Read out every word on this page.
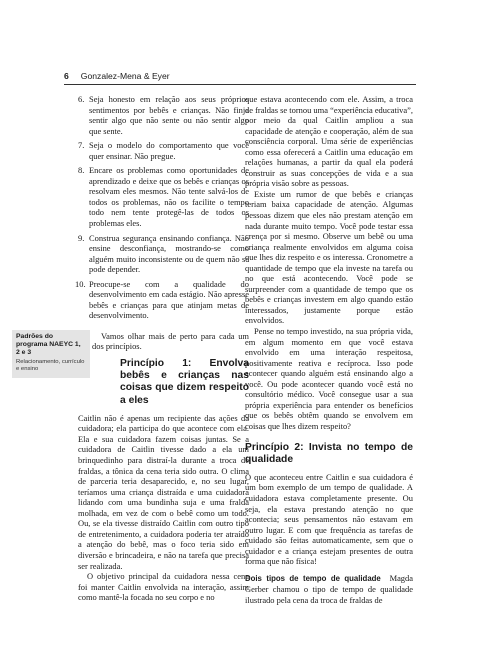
6 Gonzalez-Mena & Eyer
6. Seja honesto em relação aos seus próprios sentimentos por bebês e crianças. Não finja sentir algo que não sente ou não sentir algo que sente.
7. Seja o modelo do comportamento que você quer ensinar. Não pregue.
8. Encare os problemas como oportunidades de aprendizado e deixe que os bebês e crianças os resolvam eles mesmos. Não tente salvá-los de todos os problemas, não os facilite o tempo todo nem tente protegê-las de todos os problemas eles.
9. Construa segurança ensinando confiança. Não ensine desconfiança, mostrando-se como alguém muito inconsistente ou de quem não se pode depender.
10. Preocupe-se com a qualidade do desenvolvimento em cada estágio. Não apresse bebês e crianças para que atinjam metas de desenvolvimento.

Vamos olhar mais de perto para cada um dos princípios.

Princípio 1: Envolva bebês e crianças nas coisas que dizem respeito a eles

Caitlin não é apenas um recipiente das ações da cuidadora; ela participa do que acontece com ela. Ela e sua cuidadora fazem coisas juntas. Se a cuidadora de Caitlin tivesse dado a ela um brinquedinho para distraí-la durante a troca de fraldas, a tônica da cena teria sido outra. O clima de parceria teria desaparecido, e, no seu lugar, teríamos uma criança distraída e uma cuidadora lidando com uma bundinha suja e uma fralda molhada, em vez de com o bebê como um todo. Ou, se ela tivesse distraído Caitlin com outro tipo de entretenimento, a cuidadora poderia ter atraído a atenção do bebê, mas o foco teria sido em diversão e brincadeira, e não na tarefa que precisa ser realizada.

O objetivo principal da cuidadora nessa cena foi manter Caitlin envolvida na interação, assim como mantê-la focada no seu corpo e no

Padrões do programa NAEYC 1, 2 e 3
Relacionamento, currículo e ensino

que estava acontecendo com ele. Assim, a troca de fraldas se tornou uma “experiência educativa”, por meio da qual Caitlin ampliou a sua capacidade de atenção e cooperação, além de sua consciência corporal. Uma série de experiências como essa oferecerá a Caitlin uma educação em relações humanas, a partir da qual ela poderá construir as suas concepções de vida e a sua própria visão sobre as pessoas.

Existe um rumor de que bebês e crianças teriam baixa capacidade de atenção. Algumas pessoas dizem que eles não prestam atenção em nada durante muito tempo. Você pode testar essa crença por si mesmo. Observe um bebê ou uma criança realmente envolvidos em alguma coisa que lhes diz respeito e os interessa. Cronometre a quantidade de tempo que ela investe na tarefa ou no que está acontecendo. Você pode se surpreender com a quantidade de tempo que os bebês e crianças investem em algo quando estão interessados, justamente porque estão envolvidos.

Pense no tempo investido, na sua própria vida, em algum momento em que você estava envolvido em uma interação respeitosa, positivamente reativa e recíproca. Isso pode acontecer quando alguém está ensinando algo a você. Ou pode acontecer quando você está no consultório médico. Você consegue usar a sua própria experiência para entender os benefícios que os bebês obtêm quando se envolvem em coisas que lhes dizem respeito?

Princípio 2: Invista no tempo de qualidade

O que aconteceu entre Caitlin e sua cuidadora é um bom exemplo de um tempo de qualidade. A cuidadora estava completamente presente. Ou seja, ela estava prestando atenção no que acontecia; seus pensamentos não estavam em outro lugar. E com que frequência as tarefas de cuidado são feitas automaticamente, sem que o cuidador e a criança estejam presentes de outra forma que não física!

Dois tipos de tempo de qualidade Magda Gerber chamou o tipo de tempo de qualidade ilustrado pela cena da troca de fraldas de
